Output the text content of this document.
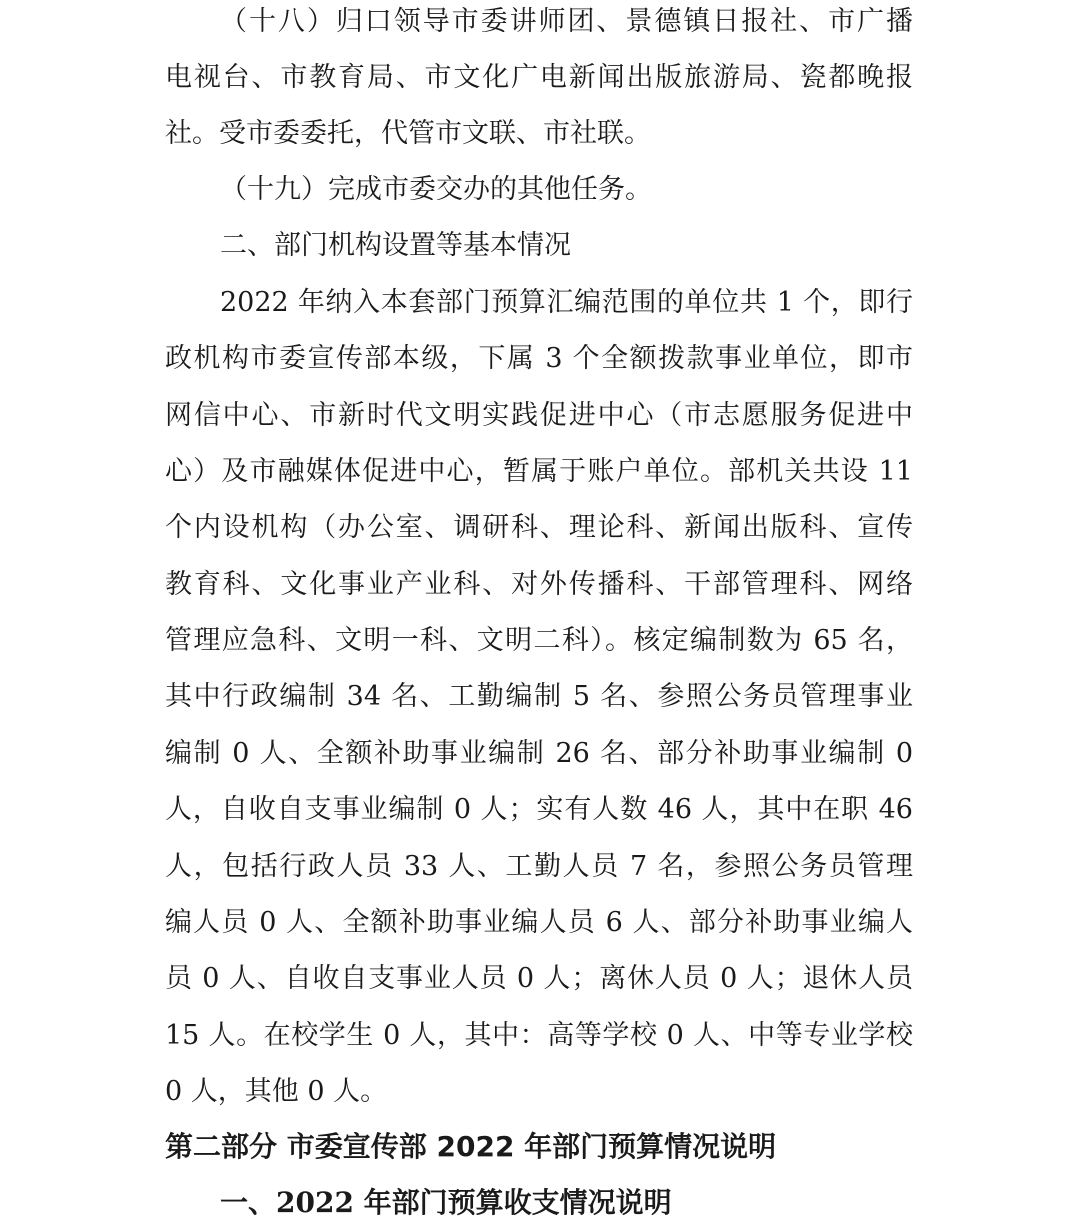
（十八）归口领导市委讲师团、景德镇日报社、市广播
电视台、市教育局、市文化广电新闻出版旅游局、瓷都晚报
社。受市委委托，代管市文联、市社联。
（十九）完成市委交办的其他任务。
二、部门机构设置等基本情况
2022 年纳入本套部门预算汇编范围的单位共 1 个，即行
政机构市委宣传部本级，下属 3 个全额拨款事业单位，即市
网信中心、市新时代文明实践促进中心（市志愿服务促进中
心）及市融媒体促进中心，暂属于账户单位。部机关共设 11
个内设机构（办公室、调研科、理论科、新闻出版科、宣传
教育科、文化事业产业科、对外传播科、干部管理科、网络
管理应急科、文明一科、文明二科）。核定编制数为 65 名，
其中行政编制 34 名、工勤编制 5 名、参照公务员管理事业
编制 0 人、全额补助事业编制 26 名、部分补助事业编制 0
人，自收自支事业编制 0 人；实有人数 46 人，其中在职 46
人，包括行政人员 33 人、工勤人员 7 名，参照公务员管理
编人员 0 人、全额补助事业编人员 6 人、部分补助事业编人
员 0 人、自收自支事业人员 0 人；离休人员 0 人；退休人员
15 人。在校学生 0 人，其中：高等学校 0 人、中等专业学校
0 人，其他 0 人。
第二部分 市委宣传部 2022 年部门预算情况说明
一、2022 年部门预算收支情况说明
